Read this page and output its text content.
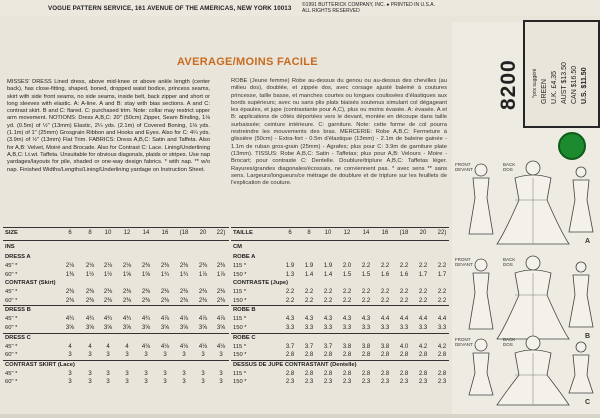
VOGUE PATTERN SERVICE, 161 AVENUE OF THE AMERICAS, NEW YORK 10013 ©1991 BUTTERICK COMPANY, INC. ● PRINTED IN U.S.A.
ALL RIGHTS RESERVED
8200	U.S. $11.50
CAN $16.50
AUST $13.50
U.K. £4.35
GREEN
*prix suggéré
AVERAGE/MOINS FACILE
MISSES' DRESS Lined dress, above mid-knee or above ankle length (center back), has close-fitting, shaped, boned, dropped waist bodice, princess seams, skirt with side front seams, no side seams, inside belt, back zipper and short or long sleeves with elastic. A: A-line. A and B: stay with bias sections. A and C: contrast skirt. B and C: flared. C: purchased trim. Note: collar may restrict upper arm movement. NOTIONS: Dress A,B,C: 20" (50cm) Zipper, Seam Binding, 1⅛ yd. (0.5m) of ½" (13mm) Elastic, 2¼ yds. (2.1m) of Covered Boning, 1⅛ yds. (1.1m) of 1" (25mm) Grosgrain Ribbon and Hooks and Eyes. Also for C: 4¼ yds. (3.9m) of ½" (13mm) Flat Trim. FABRICS: Dress A,B,C: Satin and Taffeta. Also for A,B: Velvet, Moiré and Brocade. Also for Contrast C: Lace. Lining/Underlining A,B,C: Lt.wt. Taffeta. Unsuitable for obvious diagonals, plaids or stripes. Use nap yardages/layouts for pile, shaded or one-way design fabrics. * with nap. ** w/o nap. Finished Widths/Lengths/Lining/Underlining yardage on Instruction Sheet.
ROBE (Jeune femme) Robe au-dessus du genou ou au-dessus des chevilles (au milieu dos), doublée, et zippée dos, avec corsage ajusté baleiné à coutures princesse, taille basse, et manches courtes ou longues coulissées d'élastiques aux bords supérieurs; avec ou sans plis plats biaisés soutenus simulant col dégageant les épaules, et jupe (contrastante pour A,C), plus ou moins évasée. A: évasée. A et B: applications de côtés déportées vers le devant, montée en découpe dans taille surbaissée; ceinture intérieure. C: garniture. Note: cette forme de col pourra restreindre les mouvements des bras. MERCERIE: Robe A,B,C: Fermeture à glissière (50cm) - Extra-fort - 0.5m d'élastique (13mm) - 2.1m de baleine gainée - 1.1m de ruban gros-grain (25mm) - Agrafes; plus pour C: 3.9m de garniture plate (13mm). TISSUS: Robe A,B,C: Satin - Taffetas; plus pour A,B: Velours - Moire - Brocart; pour contraste C: Dentelle. Doublure/triplure A,B,C: Taffetas léger. Rayures/grandes diagonales/écossais, ne conviennent pas. * avec sens ** sans sens. Largeurs/longueurs/ce métrage de doublure et de triplure sur les feuillets de l'explication de couture.
SIZE	6	8	10	12	14	16	(18	20	22)
INS
DRESS A
45" *	2⅛	2⅛	2⅛	2⅛	2⅜	2⅜	2⅜	2⅜	2⅜
60" *	1⅜	1½	1½	1⅝	1⅝	1¾	1¾	1⅞	1⅞
CONTRAST (Skirt)
45" *	2⅜	2⅜	2⅜	2⅜	2⅜	2⅜	2⅜	2⅜	2⅜
60" *	2⅜	2⅜	2⅜	2⅜	2⅜	2⅜	2⅜	2⅜	2⅜
DRESS B
45" *	4¾	4¾	4¾	4¾	4¾	4⅞	4⅞	4⅞	4⅞
60" *	3⅝	3⅝	3⅝	3⅝	3⅝	3⅝	3⅝	3⅝	3⅝
DRESS C
45" *	4	4	4	4	4⅛	4⅛	4⅛	4⅛	4⅛
60" *	3	3	3	3	3	3	3	3	3
CONTRAST SKIRT (Lace)
45" *	3	3	3	3	3	3	3	3	3
60" *	3	3	3	3	3	3	3	3	3
TAILLE	6	8	10	12	14	16	(18	20	22)
CM
ROBE A
115 *	1.9	1.9	1.9	2.0	2.2	2.2	2.2	2.2	2.2
150 *	1.3	1.4	1.4	1.5	1.5	1.6	1.6	1.7	1.7
CONTRASTE (Jupe)
115 *	2.2	2.2	2.2	2.2	2.2	2.2	2.2	2.2	2.2
150 *	2.2	2.2	2.2	2.2	2.2	2.2	2.2	2.2	2.2
ROBE B
115 *	4.3	4.3	4.3	4.3	4.3	4.4	4.4	4.4	4.4
150 *	3.3	3.3	3.3	3.3	3.3	3.3	3.3	3.3	3.3
ROBE C
115 *	3.7	3.7	3.7	3.8	3.8	3.8	4.0	4.2	4.2
150 *	2.8	2.8	2.8	2.8	2.8	2.8	2.8	2.8	2.8
DESSUS DE JUPE CONTRASTANT (Dentelle)
115 *	2.8	2.8	2.8	2.8	2.8	2.8	2.8	2.8	2.8
150 *	2.3	2.3	2.3	2.3	2.3	2.3	2.3	2.3	2.3
FRONT
DEVANT
BACK
DOS
A
FRONT
DEVANT
BACK
DOS
B
FRONT
DEVANT
BACK
DOS
C
